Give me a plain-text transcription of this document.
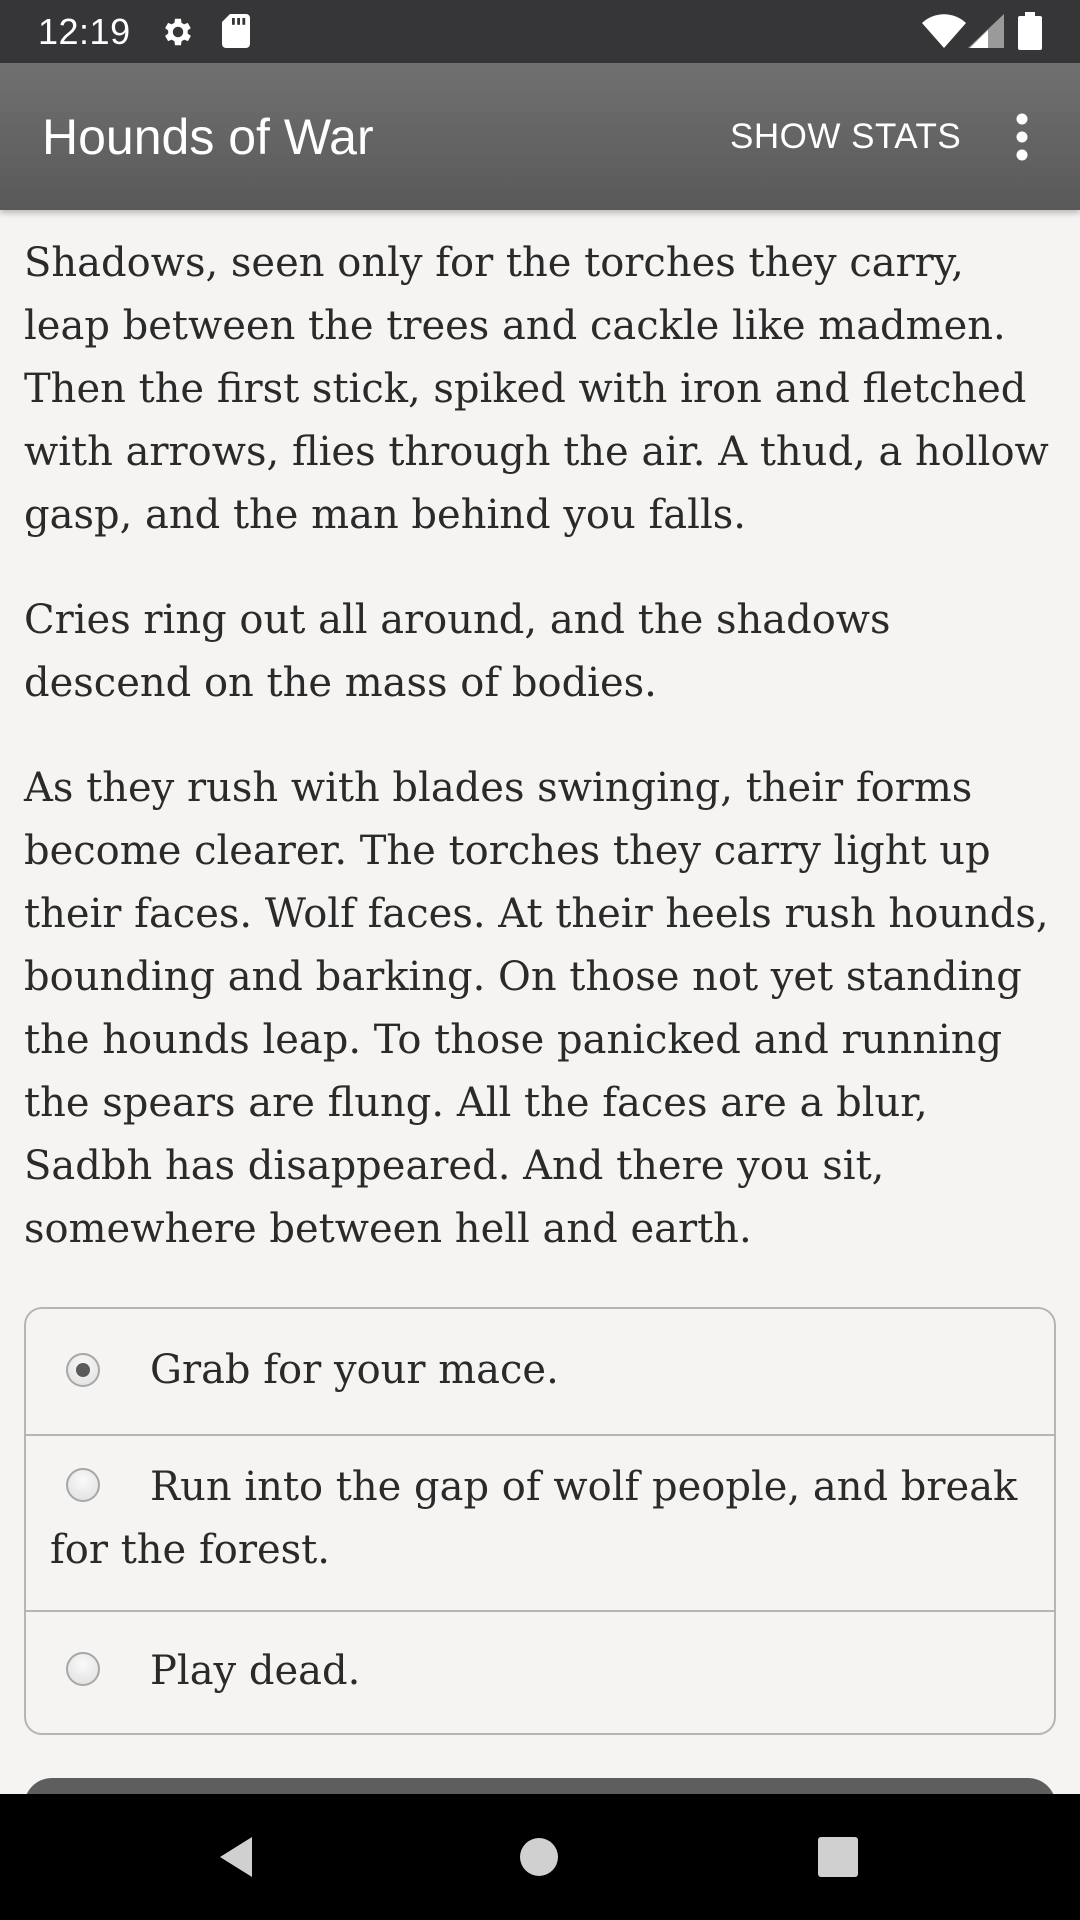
12:19
Hounds of War	SHOW STATS

Shadows, seen only for the torches they carry, leap between the trees and cackle like madmen. Then the first stick, spiked with iron and fletched with arrows, flies through the air. A thud, a hollow gasp, and the man behind you falls.

Cries ring out all around, and the shadows descend on the mass of bodies.

As they rush with blades swinging, their forms become clearer. The torches they carry light up their faces. Wolf faces. At their heels rush hounds, bounding and barking. On those not yet standing the hounds leap. To those panicked and running the spears are flung. All the faces are a blur, Sadbh has disappeared. And there you sit, somewhere between hell and earth.

Grab for your mace.
Run into the gap of wolf people, and break for the forest.
Play dead.
